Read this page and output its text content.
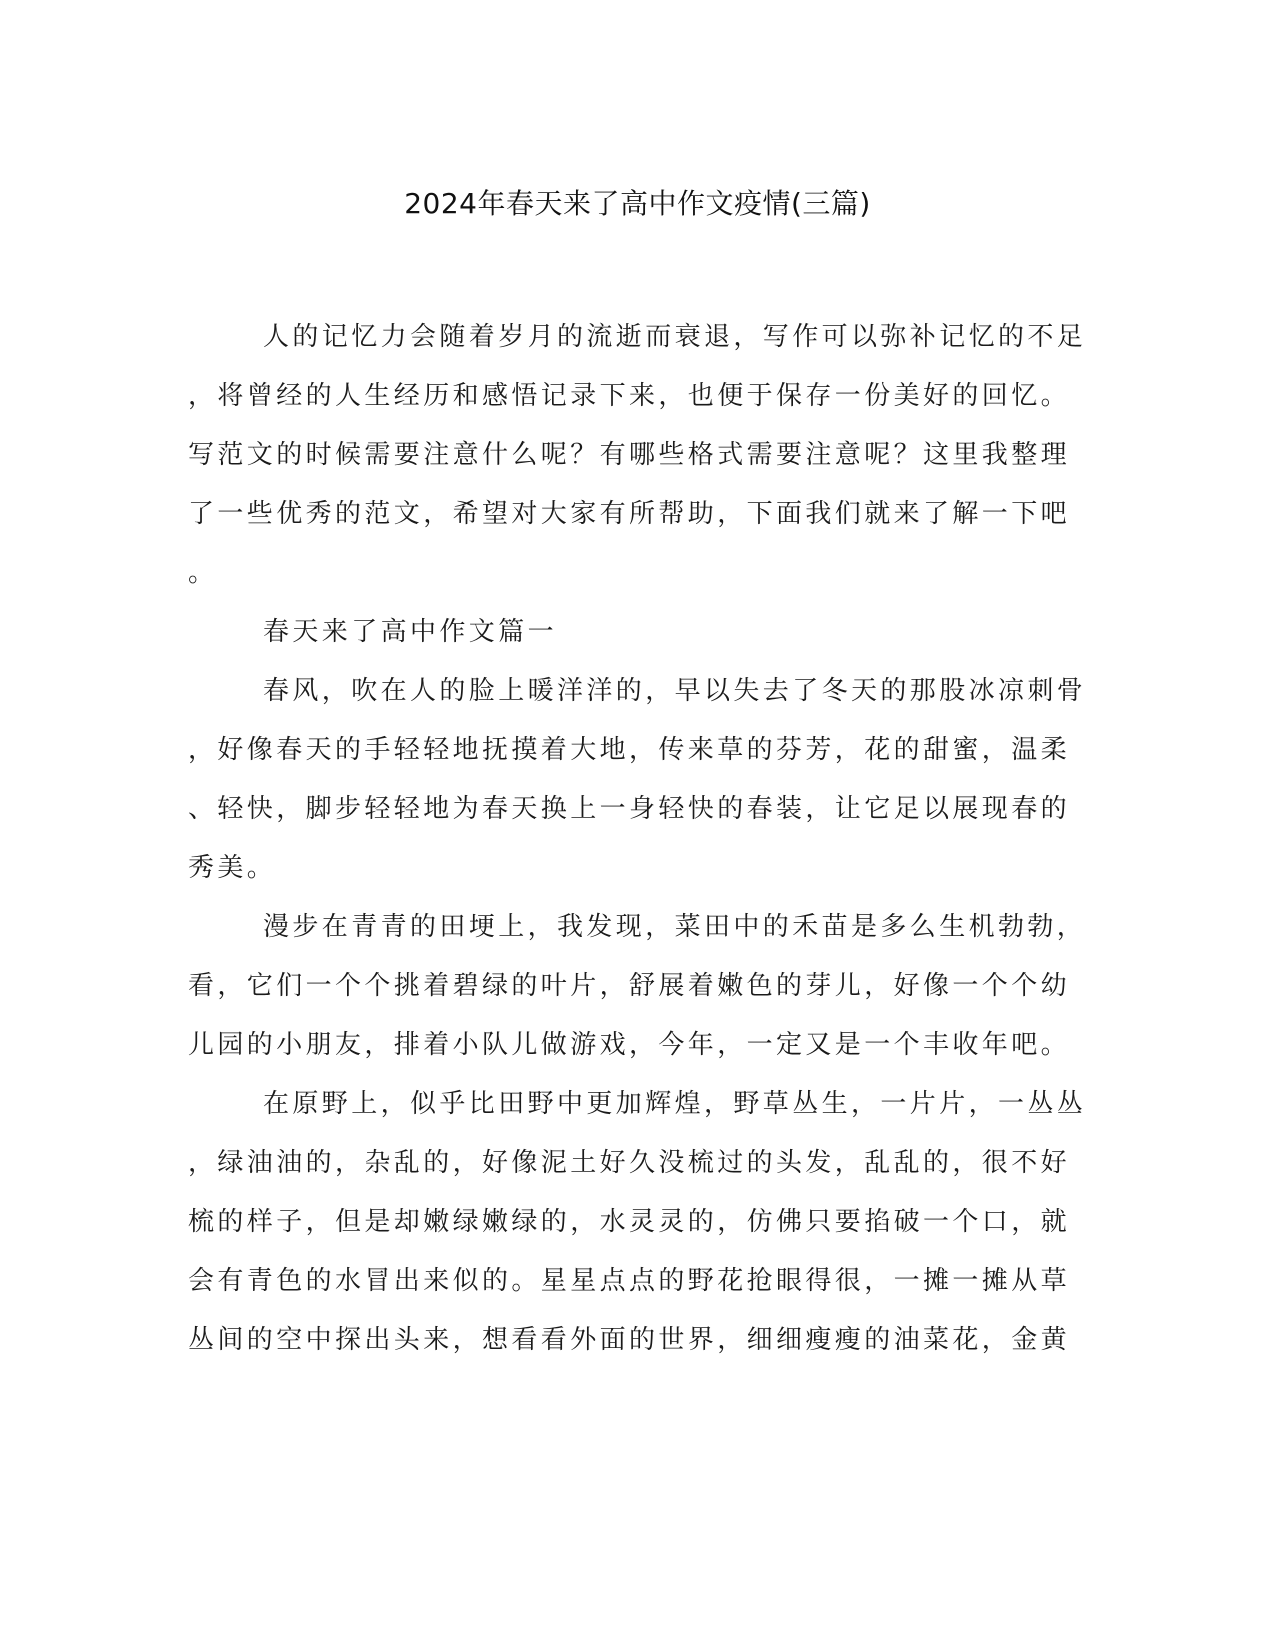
2024年春天来了高中作文疫情(三篇)
人的记忆力会随着岁月的流逝而衰退，写作可以弥补记忆的不足
，将曾经的人生经历和感悟记录下来，也便于保存一份美好的回忆。
写范文的时候需要注意什么呢？有哪些格式需要注意呢？这里我整理
了一些优秀的范文，希望对大家有所帮助，下面我们就来了解一下吧
。
春天来了高中作文篇一
春风，吹在人的脸上暖洋洋的，早以失去了冬天的那股冰凉刺骨
，好像春天的手轻轻地抚摸着大地，传来草的芬芳，花的甜蜜，温柔
、轻快，脚步轻轻地为春天换上一身轻快的春装，让它足以展现春的
秀美。
漫步在青青的田埂上，我发现，菜田中的禾苗是多么生机勃勃，
看，它们一个个挑着碧绿的叶片，舒展着嫩色的芽儿，好像一个个幼
儿园的小朋友，排着小队儿做游戏，今年，一定又是一个丰收年吧。
在原野上，似乎比田野中更加辉煌，野草丛生，一片片，一丛丛
，绿油油的，杂乱的，好像泥土好久没梳过的头发，乱乱的，很不好
梳的样子，但是却嫩绿嫩绿的，水灵灵的，仿佛只要掐破一个口，就
会有青色的水冒出来似的。星星点点的野花抢眼得很，一摊一摊从草
丛间的空中探出头来，想看看外面的世界，细细瘦瘦的油菜花，金黄
